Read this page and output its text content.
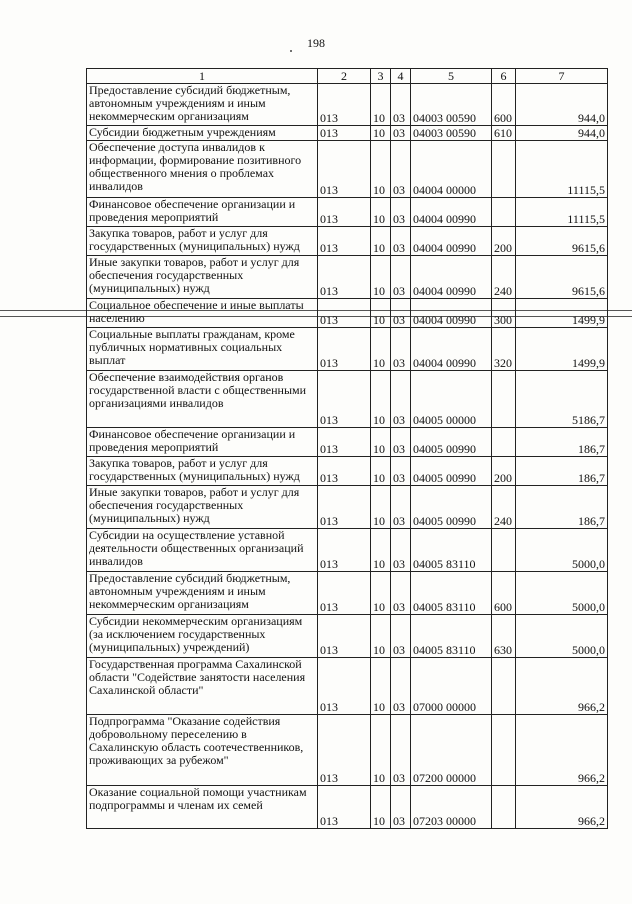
198
1	2	3	4	5	6	7
Предоставление субсидий бюджетным, автономным учреждениям и иным некоммерческим организациям	013	10	03	04003 00590	600	944,0
Субсидии бюджетным учреждениям	013	10	03	04003 00590	610	944,0
Обеспечение доступа инвалидов к информации, формирование позитивного общественного мнения о проблемах инвалидов	013	10	03	04004 00000		11115,5
Финансовое обеспечение организации и проведения мероприятий	013	10	03	04004 00990		11115,5
Закупка товаров, работ и услуг для государственных (муниципальных) нужд	013	10	03	04004 00990	200	9615,6
Иные закупки товаров, работ и услуг для обеспечения государственных (муниципальных) нужд	013	10	03	04004 00990	240	9615,6
Социальное обеспечение и иные выплаты населению	013	10	03	04004 00990	300	1499,9
Социальные выплаты гражданам, кроме публичных нормативных социальных выплат	013	10	03	04004 00990	320	1499,9
Обеспечение взаимодействия органов государственной власти с общественными организациями инвалидов	013	10	03	04005 00000		5186,7
Финансовое обеспечение организации и проведения мероприятий	013	10	03	04005 00990		186,7
Закупка товаров, работ и услуг для государственных (муниципальных) нужд	013	10	03	04005 00990	200	186,7
Иные закупки товаров, работ и услуг для обеспечения государственных (муниципальных) нужд	013	10	03	04005 00990	240	186,7
Субсидии на осуществление уставной деятельности общественных организаций инвалидов	013	10	03	04005 83110		5000,0
Предоставление субсидий бюджетным, автономным учреждениям и иным некоммерческим организациям	013	10	03	04005 83110	600	5000,0
Субсидии некоммерческим организациям (за исключением государственных (муниципальных) учреждений)	013	10	03	04005 83110	630	5000,0
Государственная программа Сахалинской области "Содействие занятости населения Сахалинской области"	013	10	03	07000 00000		966,2
Подпрограмма "Оказание содействия добровольному переселению в Сахалинскую область соотечественников, проживающих за рубежом"	013	10	03	07200 00000		966,2
Оказание социальной помощи участникам подпрограммы и членам их семей	013	10	03	07203 00000		966,2
